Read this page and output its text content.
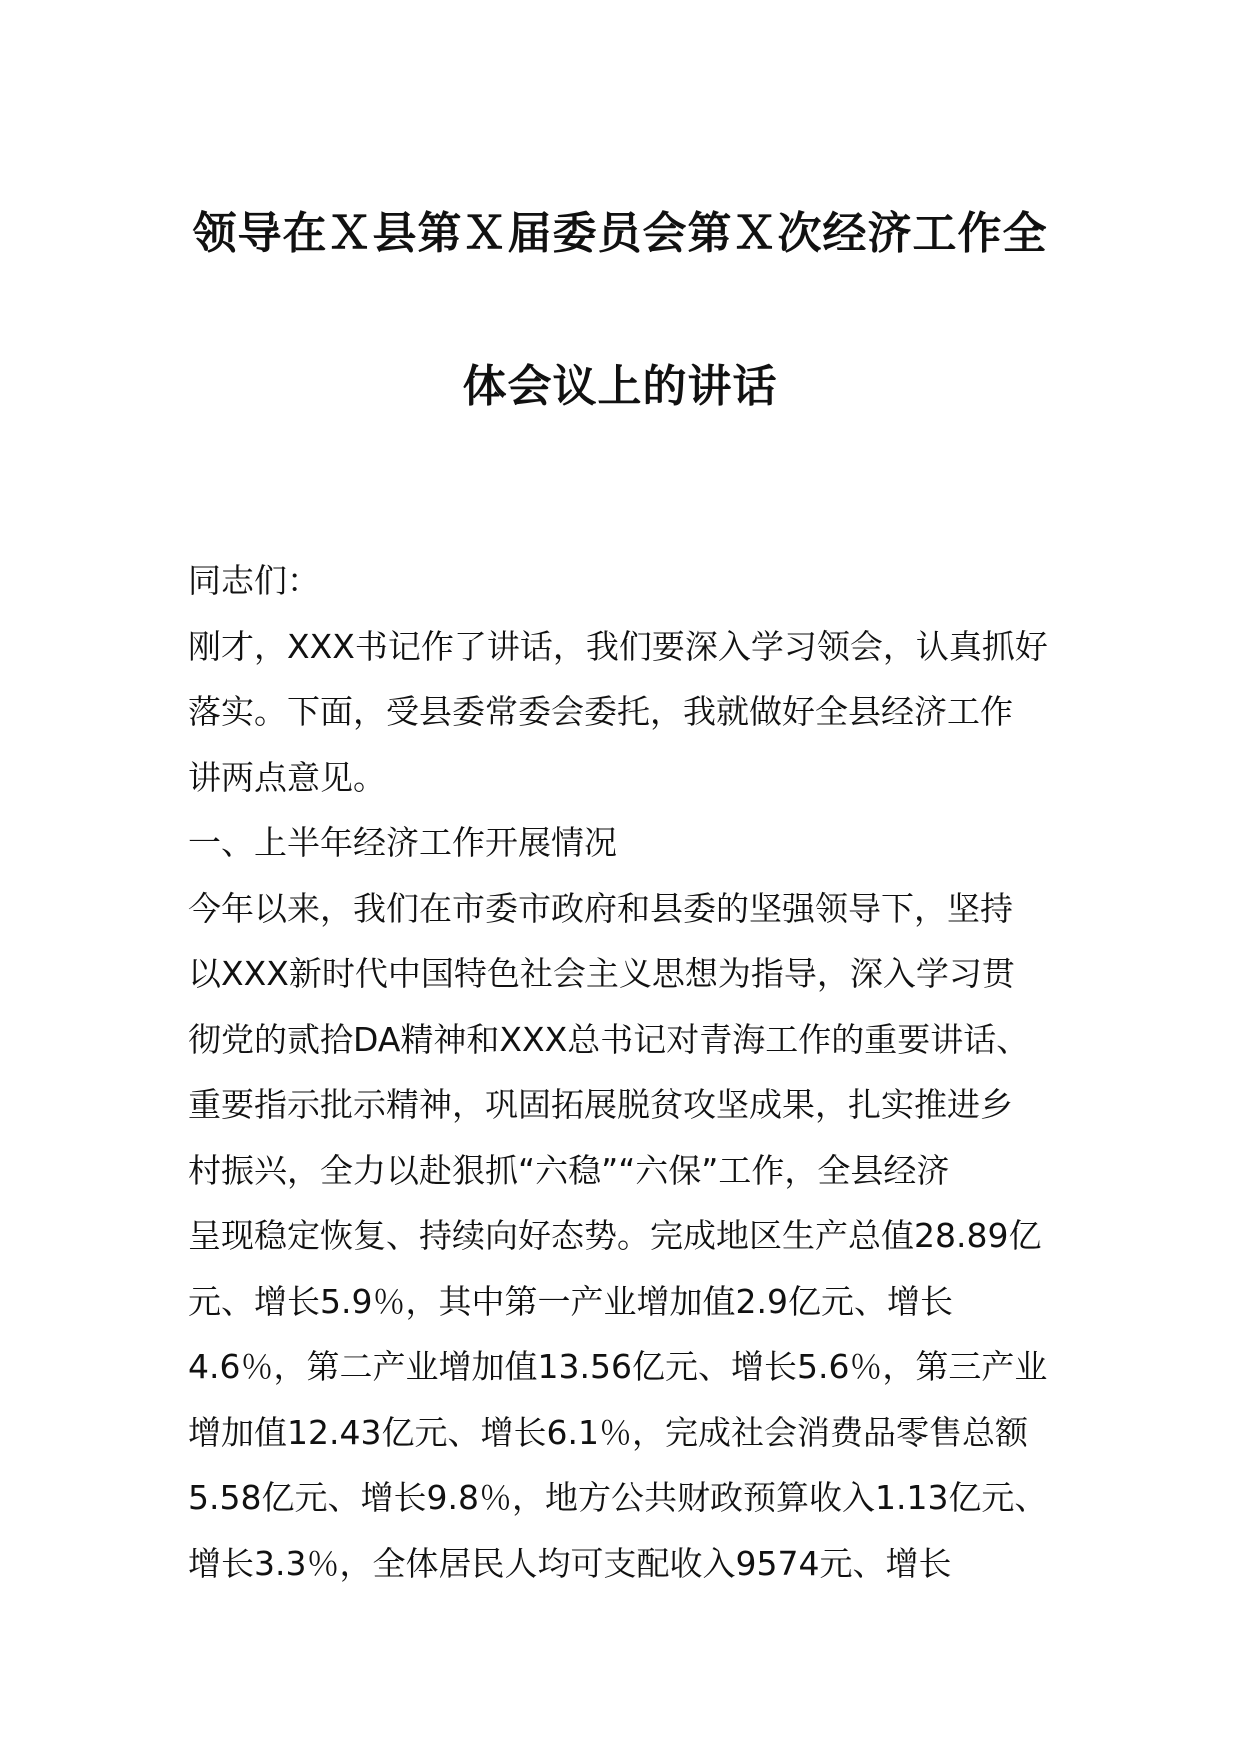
领导在Ｘ县第Ｘ届委员会第Ｘ次经济工作全
体会议上的讲话
同志们：
刚才，XXX书记作了讲话，我们要深入学习领会，认真抓好
落实。下面，受县委常委会委托，我就做好全县经济工作
讲两点意见。
一、上半年经济工作开展情况
今年以来，我们在市委市政府和县委的坚强领导下，坚持
以XXX新时代中国特色社会主义思想为指导，深入学习贯
彻党的贰拾DA精神和XXX总书记对青海工作的重要讲话、
重要指示批示精神，巩固拓展脱贫攻坚成果，扎实推进乡
村振兴，全力以赴狠抓“六稳”“六保”工作，全县经济
呈现稳定恢复、持续向好态势。完成地区生产总值28.89亿
元、增长5.9％，其中第一产业增加值2.9亿元、增长
4.6％，第二产业增加值13.56亿元、增长5.6％，第三产业
增加值12.43亿元、增长6.1％，完成社会消费品零售总额
5.58亿元、增长9.8％，地方公共财政预算收入1.13亿元、
增长3.3％，全体居民人均可支配收入9574元、增长
